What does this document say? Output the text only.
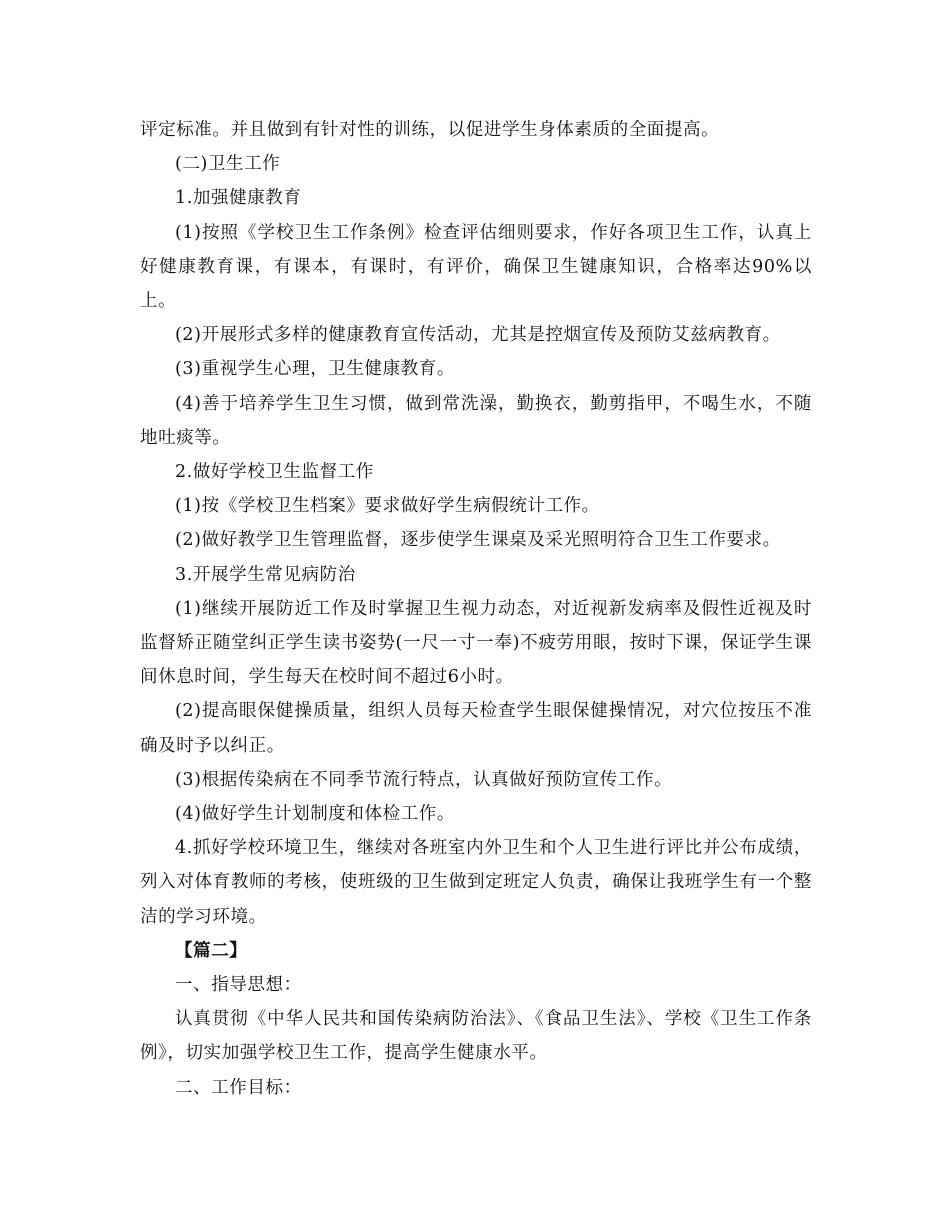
评定标准。并且做到有针对性的训练，以促进学生身体素质的全面提高。

(二)卫生工作

1.加强健康教育

(1)按照《学校卫生工作条例》检查评估细则要求，作好各项卫生工作，认真上好健康教育课，有课本，有课时，有评价，确保卫生键康知识，合格率达90%以上。

(2)开展形式多样的健康教育宣传活动，尤其是控烟宣传及预防艾兹病教育。

(3)重视学生心理，卫生健康教育。

(4)善于培养学生卫生习惯，做到常洗澡，勤换衣，勤剪指甲，不喝生水，不随地吐痰等。

2.做好学校卫生监督工作

(1)按《学校卫生档案》要求做好学生病假统计工作。

(2)做好教学卫生管理监督，逐步使学生课桌及采光照明符合卫生工作要求。

3.开展学生常见病防治

(1)继续开展防近工作及时掌握卫生视力动态，对近视新发病率及假性近视及时监督矫正随堂纠正学生读书姿势(一尺一寸一奉)不疲劳用眼，按时下课，保证学生课间休息时间，学生每天在校时间不超过6小时。

(2)提高眼保健操质量，组织人员每天检查学生眼保健操情况，对穴位按压不准确及时予以纠正。

(3)根据传染病在不同季节流行特点，认真做好预防宣传工作。

(4)做好学生计划制度和体检工作。

4.抓好学校环境卫生，继续对各班室内外卫生和个人卫生进行评比并公布成绩，列入对体育教师的考核，使班级的卫生做到定班定人负责，确保让我班学生有一个整洁的学习环境。

【篇二】

一、指导思想：

认真贯彻《中华人民共和国传染病防治法》、《食品卫生法》、学校《卫生工作条例》，切实加强学校卫生工作，提高学生健康水平。

二、工作目标：
